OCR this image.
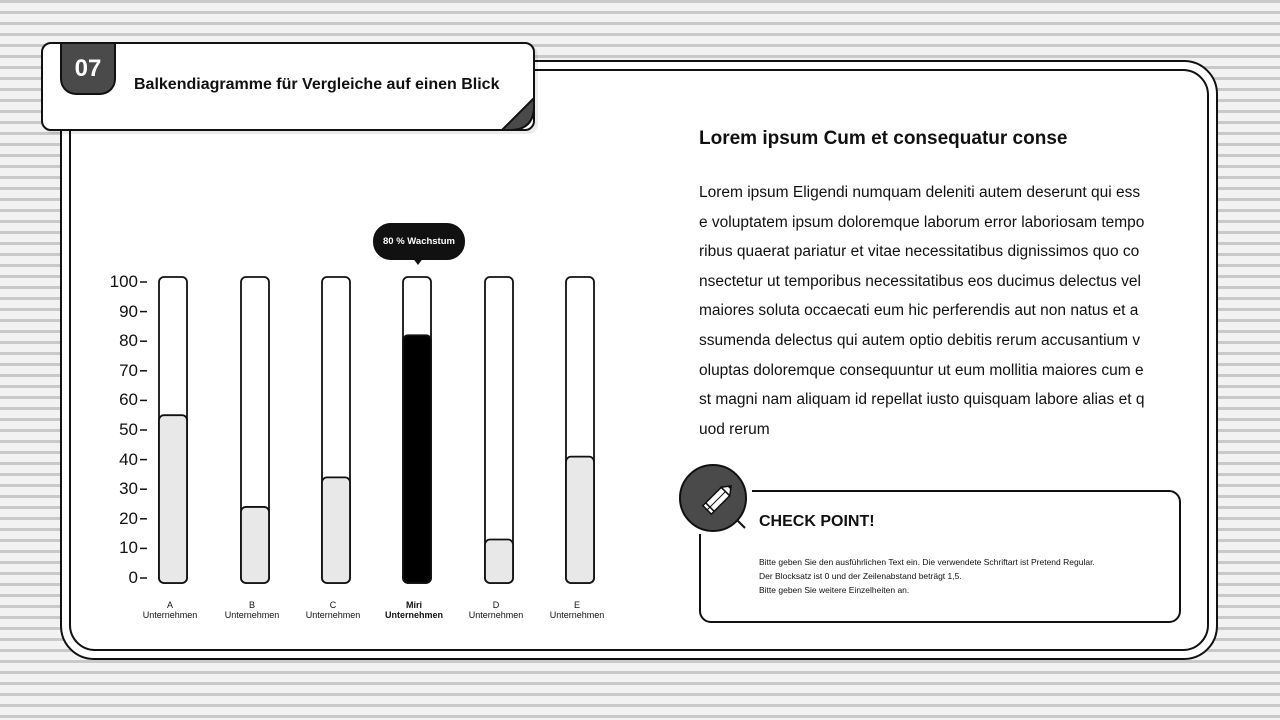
07
Balkendiagramme für Vergleiche auf einen Blick
0
10
20
30
40
50
60
70
80
90
100
A
Unternehmen
B
Unternehmen
C
Unternehmen
Miri
Unternehmen
D
Unternehmen
E
Unternehmen
80 % Wachstum
Lorem ipsum Cum et consequatur conse
Lorem ipsum Eligendi numquam deleniti autem deserunt qui esse voluptatem ipsum doloremque laborum error laboriosam temporibus quaerat pariatur et vitae necessitatibus dignissimos quo consectetur ut temporibus necessitatibus eos ducimus delectus vel maiores soluta occaecati eum hic perferendis aut non natus et assumenda delectus qui autem optio debitis rerum accusantium voluptas doloremque consequuntur ut eum mollitia maiores cum est magni nam aliquam id repellat iusto quisquam labore alias et quod rerum
CHECK POINT!
Bitte geben Sie den ausführlichen Text ein. Die verwendete Schriftart ist Pretend Regular.
Der Blocksatz ist 0 und der Zeilenabstand beträgt 1,5.
Bitte geben Sie weitere Einzelheiten an.
